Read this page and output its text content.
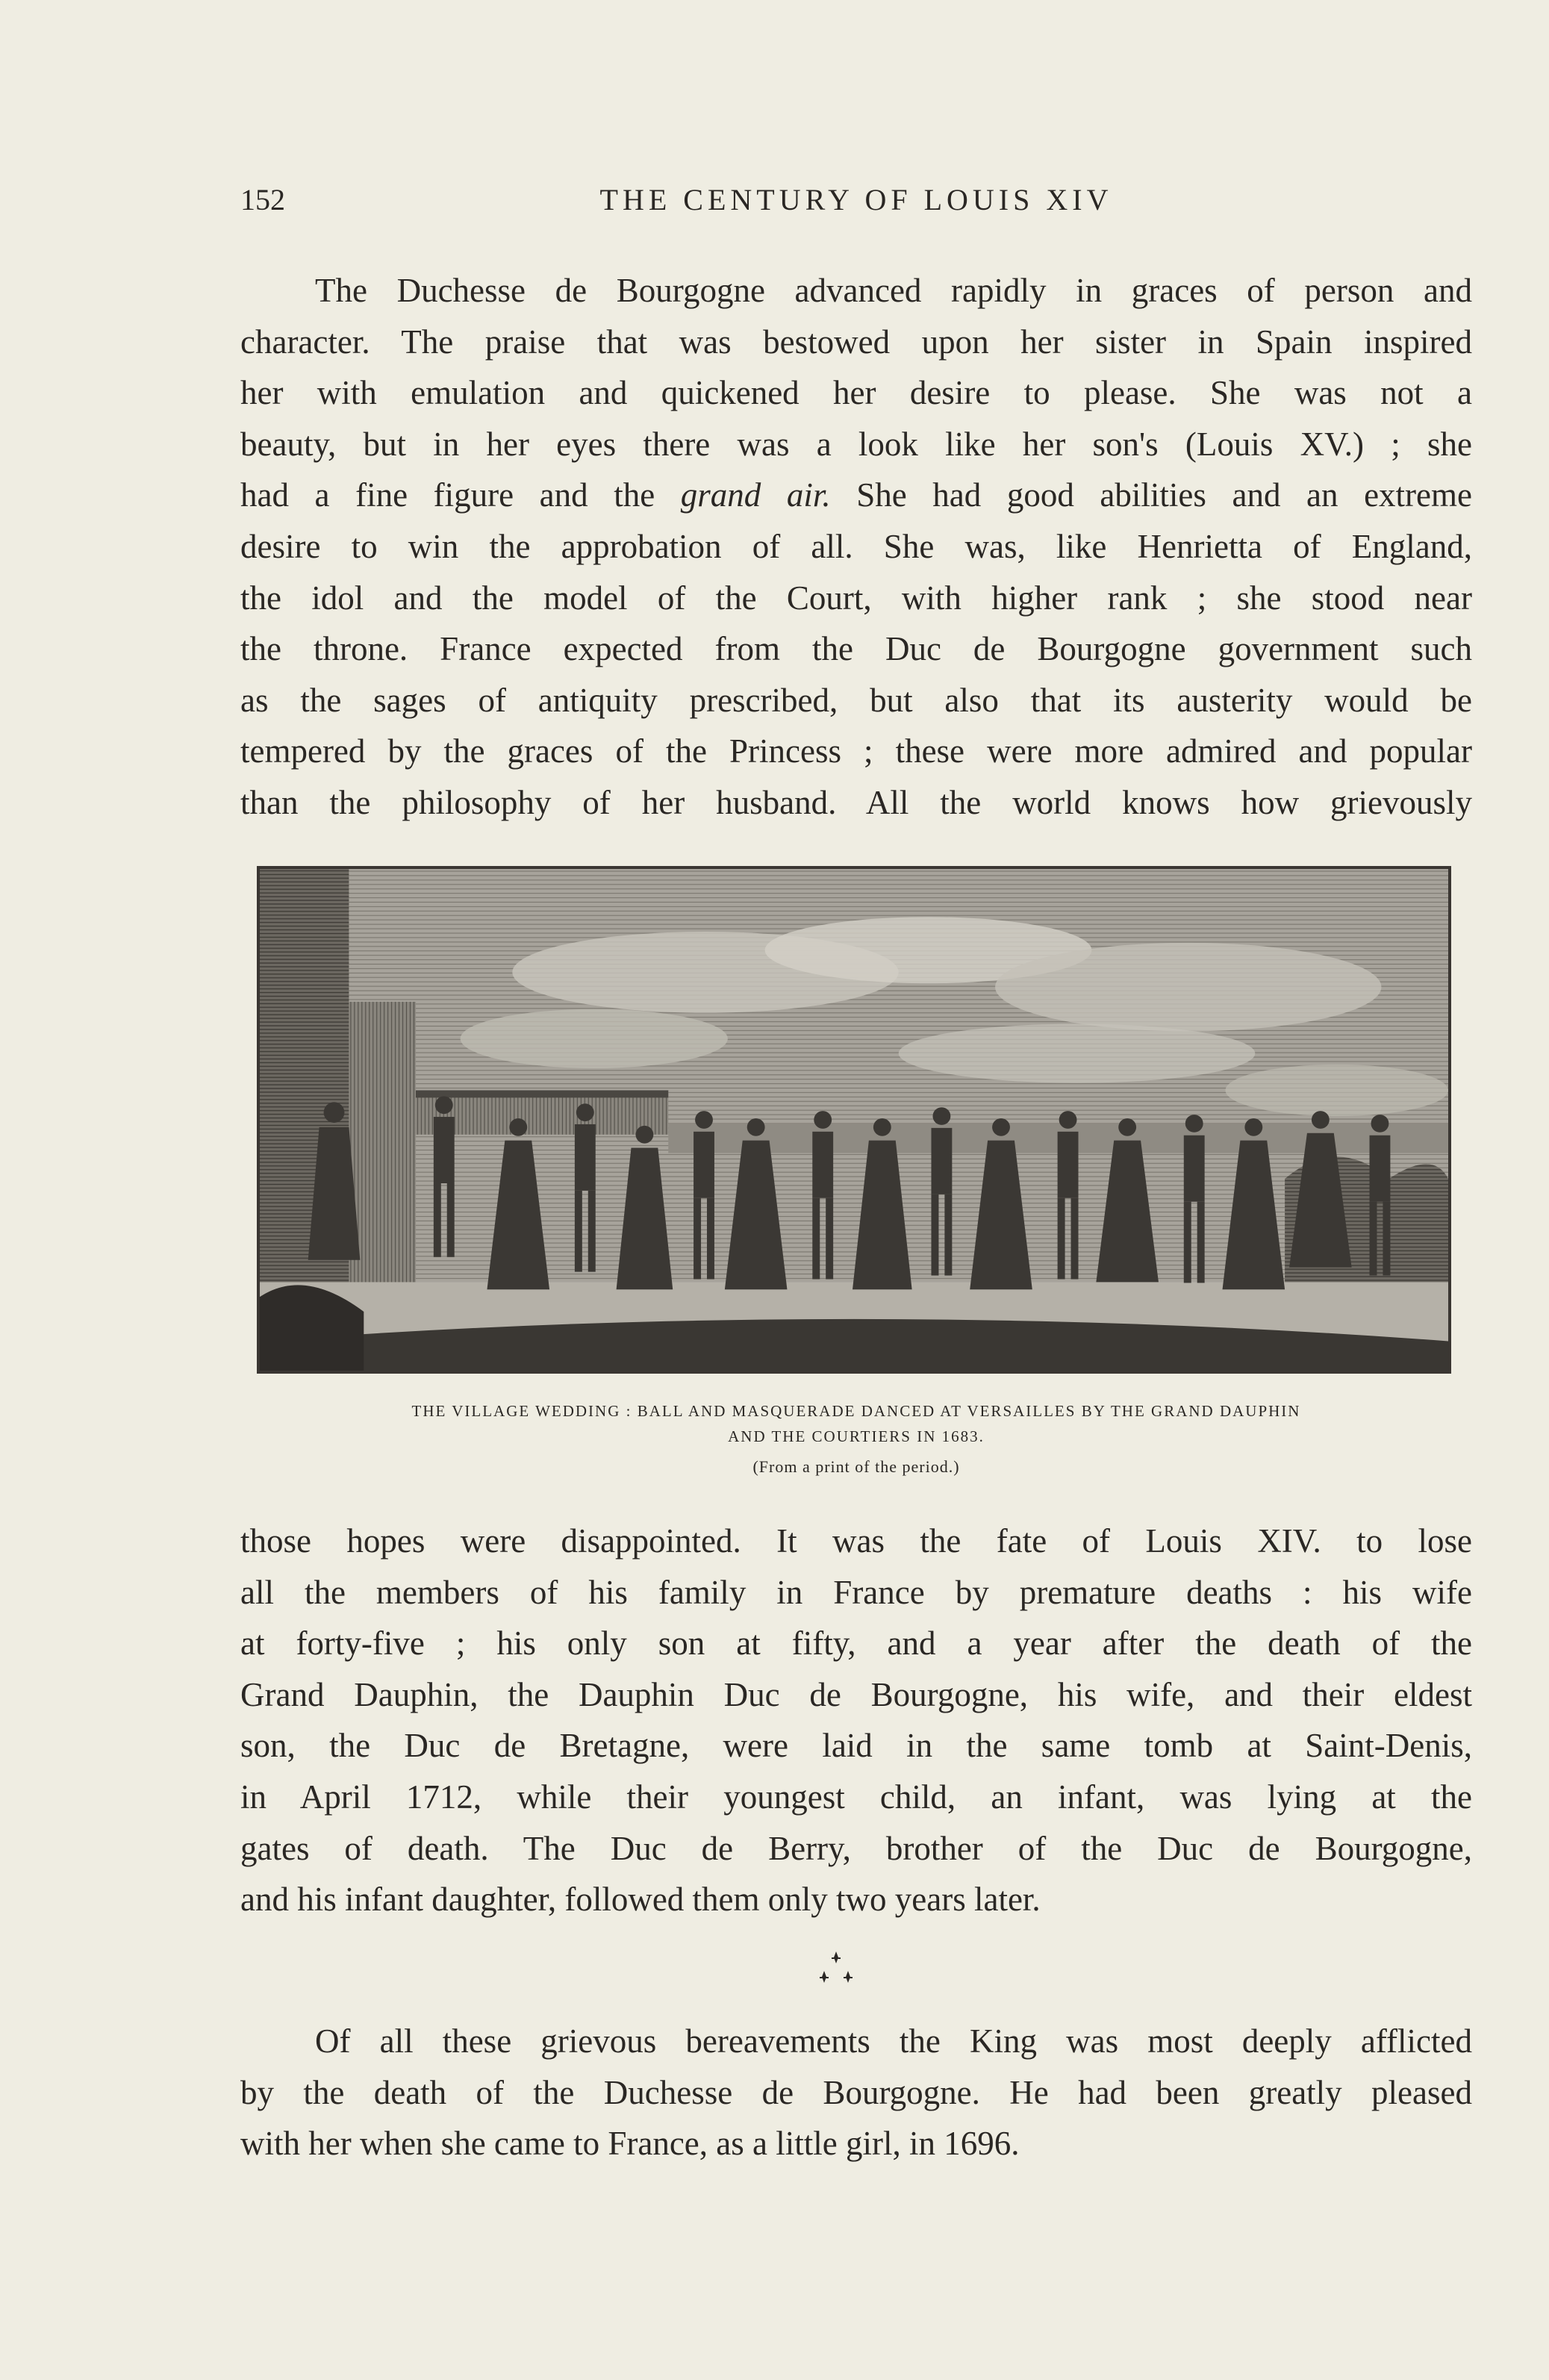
152	THE CENTURY OF LOUIS XIV

The Duchesse de Bourgogne advanced rapidly in graces of person and
character. The praise that was bestowed upon her sister in Spain inspired
her with emulation and quickened her desire to please. She was not a
beauty, but in her eyes there was a look like her son's (Louis XV.) ; she
had a fine figure and the grand air. She had good abilities and an extreme
desire to win the approbation of all. She was, like Henrietta of England,
the idol and the model of the Court, with higher rank ; she stood near
the throne. France expected from the Duc de Bourgogne government such
as the sages of antiquity prescribed, but also that its austerity would be
tempered by the graces of the Princess ; these were more admired and popular
than the philosophy of her husband. All the world knows how grievously

THE VILLAGE WEDDING : BALL AND MASQUERADE DANCED AT VERSAILLES BY THE GRAND DAUPHIN

AND THE COURTIERS IN 1683.

(From a print of the period.)

those hopes were disappointed. It was the fate of Louis XIV. to lose
all the members of his family in France by premature deaths : his wife
at forty-five ; his only son at fifty, and a year after the death of the
Grand Dauphin, the Dauphin Duc de Bourgogne, his wife, and their eldest
son, the Duc de Bretagne, were laid in the same tomb at Saint-Denis,
in April 1712, while their youngest child, an infant, was lying at the
gates of death. The Duc de Berry, brother of the Duc de Bourgogne,
and his infant daughter, followed them only two years later.

Of all these grievous bereavements the King was most deeply afflicted
by the death of the Duchesse de Bourgogne. He had been greatly pleased
with her when she came to France, as a little girl, in 1696.
